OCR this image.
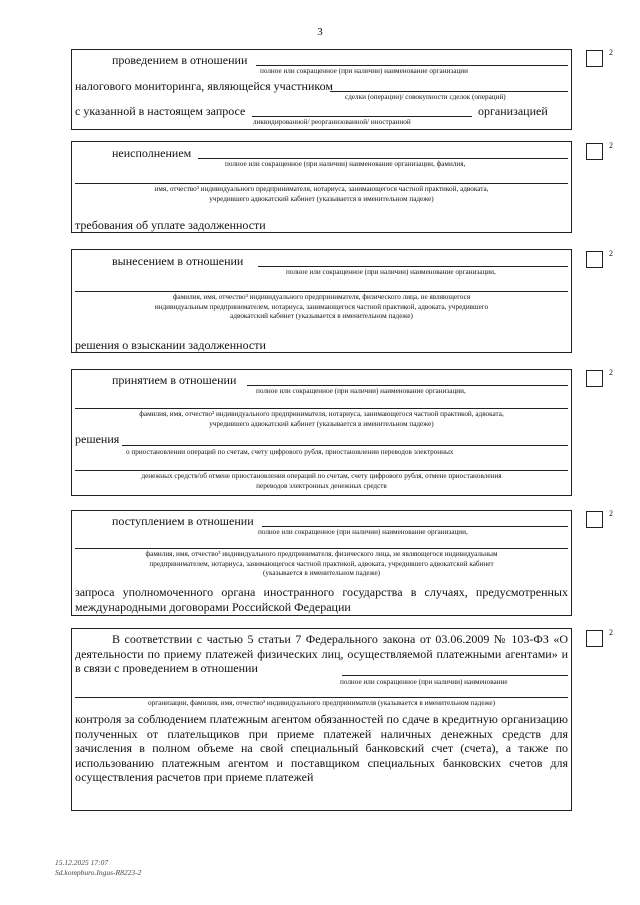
3
2
проведением в отношении
полное или сокращенное (при наличии) наименование организации
налогового мониторинга, являющейся участником
сделки (операции)/ совокупности сделок (операций)
с указанной в настоящем запросе	организацией
ликвидированной/ реорганизованной/ иностранной
2
неисполнением
полное или сокращенное (при наличии) наименование организации, фамилия,
имя, отчество³ индивидуального предпринимателя, нотариуса, занимающегося частной практикой, адвоката,
учредившего адвокатский кабинет (указывается в именительном падеже)
требования об уплате задолженности
2
вынесением в отношении
полное или сокращенное (при наличии) наименование организации,
фамилия, имя, отчество³ индивидуального предпринимателя, физического лица, не являющегося
индивидуальным предпринимателем, нотариуса, занимающегося частной практикой, адвоката, учредившего
адвокатский кабинет (указывается в именительном падеже)
решения о взыскании задолженности
2
принятием в отношении
полное или сокращенное (при наличии) наименование организации,
фамилия, имя, отчество³ индивидуального предпринимателя, нотариуса, занимающегося частной практикой, адвоката,
учредившего адвокатский кабинет (указывается в именительном падеже)
решения
о приостановлении операций по счетам, счету цифрового рубля, приостановлении переводов электронных
денежных средств/об отмене приостановления операций по счетам, счету цифрового рубля, отмене приостановления
переводов электронных денежных средств
2
поступлением в отношении
полное или сокращенное (при наличии) наименование организации,
фамилия, имя, отчество³ индивидуального предпринимателя, физического лица, не являющегося индивидуальным
предпринимателем, нотариуса, занимающегося частной практикой, адвоката, учредившего адвокатский кабинет
(указывается в именительном падеже)
запроса уполномоченного органа иностранного государства в случаях, предусмотренных международными договорами Российской Федерации
2
В соответствии с частью 5 статьи 7 Федерального закона от 03.06.2009 № 103-ФЗ «О деятельности по приему платежей физических лиц, осуществляемой платежными агентами» и в связи с проведением в отношении
полное или сокращенное (при наличии) наименование
организации, фамилия, имя, отчество³ индивидуального предпринимателя (указывается в именительном падеже)
контроля за соблюдением платежным агентом обязанностей по сдаче в кредитную организацию полученных от плательщиков при приеме платежей наличных денежных средств для зачисления в полном объеме на свой специальный банковский счет (счета), а также по использованию платежным агентом и поставщиком специальных банковских счетов для осуществления расчетов при приеме платежей
15.12.2025 17:07
Sd.kompburo.Ingus-R8223-2
